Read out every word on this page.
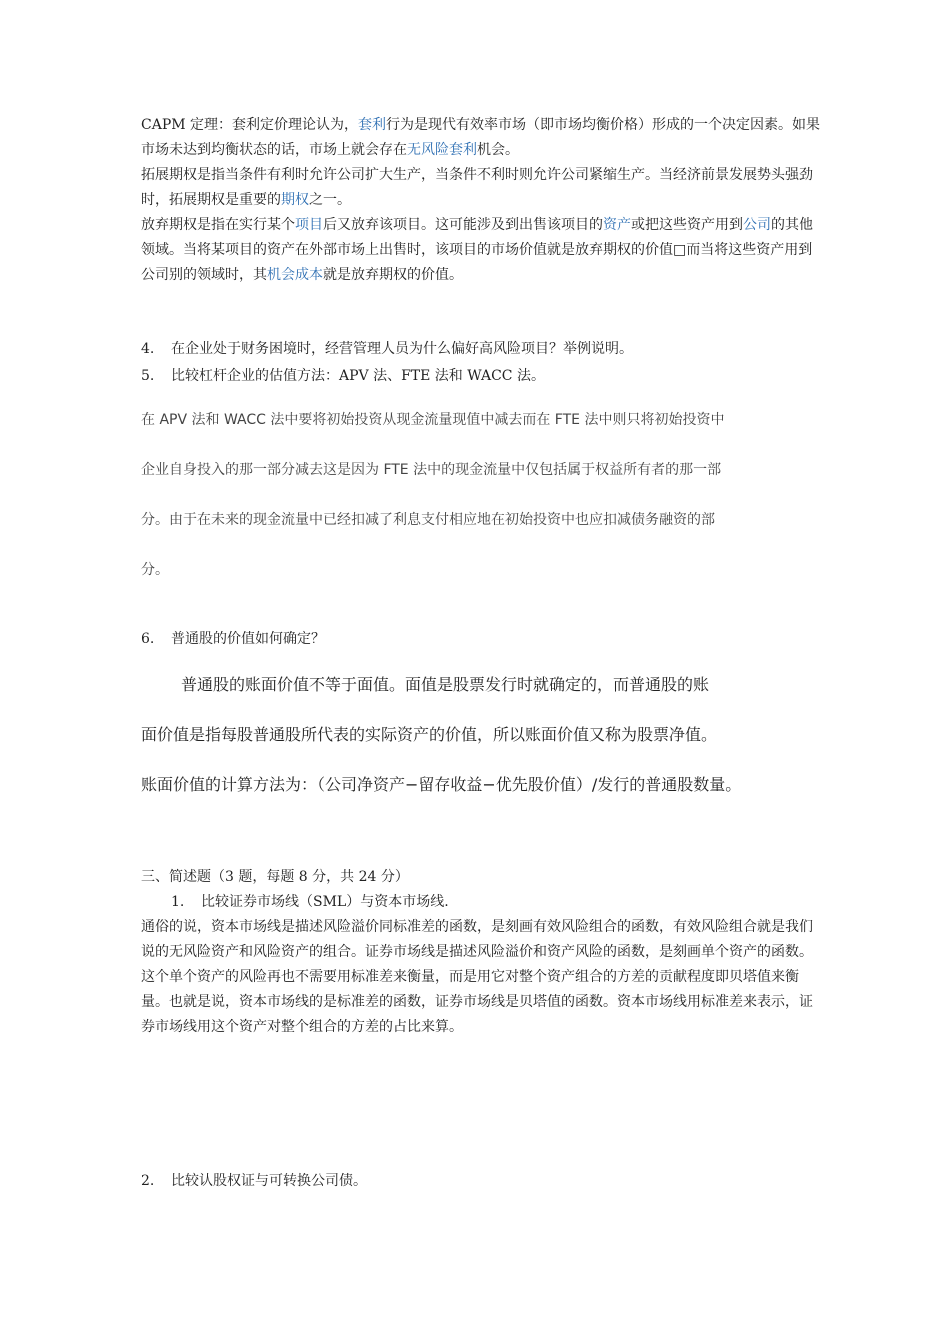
CAPM 定理：套利定价理论认为，套利行为是现代有效率市场（即市场均衡价格）形成的一个决定因素。如果市场未达到均衡状态的话，市场上就会存在无风险套利机会。

拓展期权是指当条件有利时允许公司扩大生产，当条件不利时则允许公司紧缩生产。当经济前景发展势头强劲时，拓展期权是重要的期权之一。

放弃期权是指在实行某个项目后又放弃该项目。这可能涉及到出售该项目的资产或把这些资产用到公司的其他领域。当将某项目的资产在外部市场上出售时，该项目的市场价值就是放弃期权的价值□而当将这些资产用到公司别的领域时，其机会成本就是放弃期权的价值。

4. 在企业处于财务困境时，经营管理人员为什么偏好高风险项目？举例说明。

5. 比较杠杆企业的估值方法：APV 法、FTE 法和 WACC 法。

在 APV 法和 WACC 法中要将初始投资从现金流量现值中减去而在 FTE 法中则只将初始投资中

企业自身投入的那一部分减去这是因为 FTE 法中的现金流量中仅包括属于权益所有者的那一部

分。由于在未来的现金流量中已经扣减了利息支付相应地在初始投资中也应扣减债务融资的部

分。

6. 普通股的价值如何确定？

普通股的账面价值不等于面值。面值是股票发行时就确定的，而普通股的账

面价值是指每股普通股所代表的实际资产的价值，所以账面价值又称为股票净值。

账面价值的计算方法为：（公司净资产−留存收益−优先股价值）/发行的普通股数量。

三、简述题（3 题，每题 8 分，共 24 分）

1. 比较证券市场线（SML）与资本市场线.

通俗的说，资本市场线是描述风险溢价同标准差的函数，是刻画有效风险组合的函数，有效风险组合就是我们说的无风险资产和风险资产的组合。证券市场线是描述风险溢价和资产风险的函数，是刻画单个资产的函数。这个单个资产的风险再也不需要用标准差来衡量，而是用它对整个资产组合的方差的贡献程度即贝塔值来衡量。也就是说，资本市场线的是标准差的函数，证券市场线是贝塔值的函数。资本市场线用标准差来表示，证券市场线用这个资产对整个组合的方差的占比来算。

2. 比较认股权证与可转换公司债。
